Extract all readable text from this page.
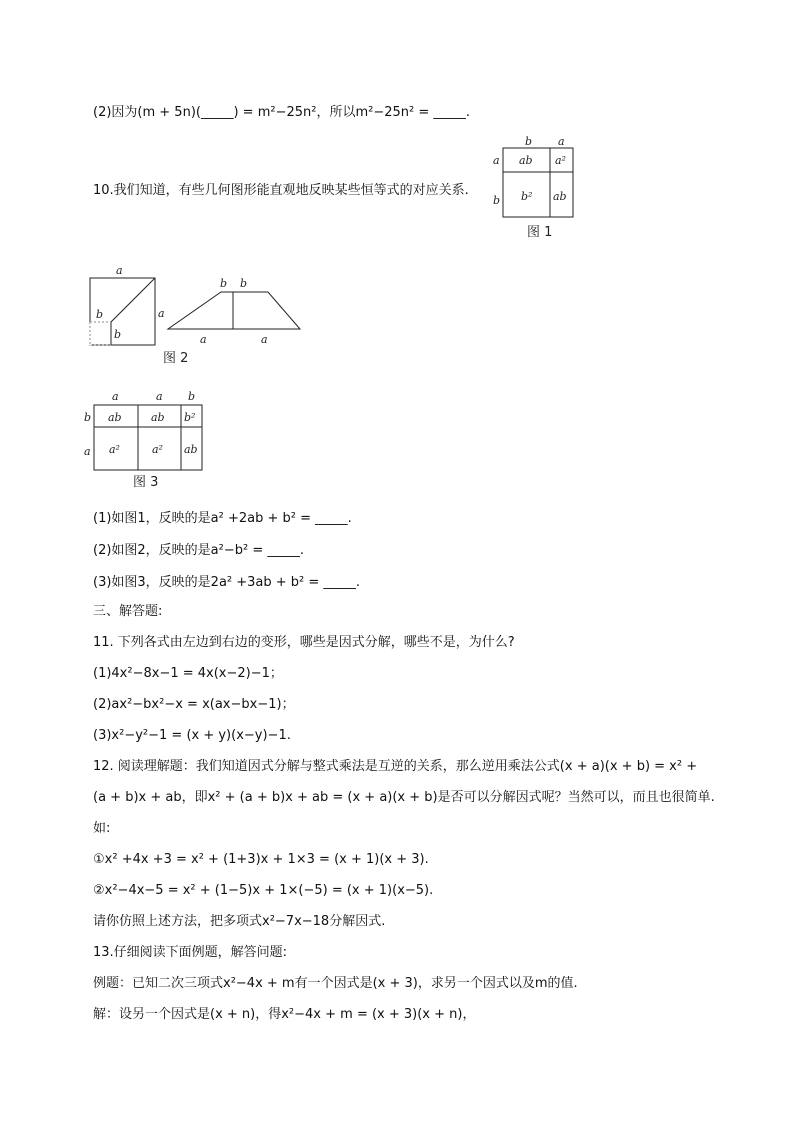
(2)因为(m + 5n)(_____) = m²−25n²，所以m²−25n² = _____.
10.我们知道，有些几何图形能直观地反映某些恒等式的对应关系.
b a
a
b
ab a²
b² ab
图 1
a
b
b
a
b b
a	a
图 2
a	a b
b
a
ab	ab b²
a²	a² ab
图 3
(1)如图1，反映的是a² +2ab + b² = _____.
(2)如图2，反映的是a²−b² = _____.
(3)如图3，反映的是2a² +3ab + b² = _____.
三、解答题:
11. 下列各式由左边到右边的变形，哪些是因式分解，哪些不是，为什么?
(1)4x²−8x−1 = 4x(x−2)−1；
(2)ax²−bx²−x = x(ax−bx−1)；
(3)x²−y²−1 = (x + y)(x−y)−1.
12. 阅读理解题：我们知道因式分解与整式乘法是互逆的关系，那么逆用乘法公式(x + a)(x + b) = x² +
(a + b)x + ab，即x² + (a + b)x + ab = (x + a)(x + b)是否可以分解因式呢？当然可以，而且也很简单.
如:
①x² +4x +3 = x² + (1+3)x + 1×3 = (x + 1)(x + 3).
②x²−4x−5 = x² + (1−5)x + 1×(−5) = (x + 1)(x−5).
请你仿照上述方法，把多项式x²−7x−18分解因式.
13.仔细阅读下面例题，解答问题:
例题：已知二次三项式x²−4x + m有一个因式是(x + 3)，求另一个因式以及m的值.
解：设另一个因式是(x + n)，得x²−4x + m = (x + 3)(x + n)，
